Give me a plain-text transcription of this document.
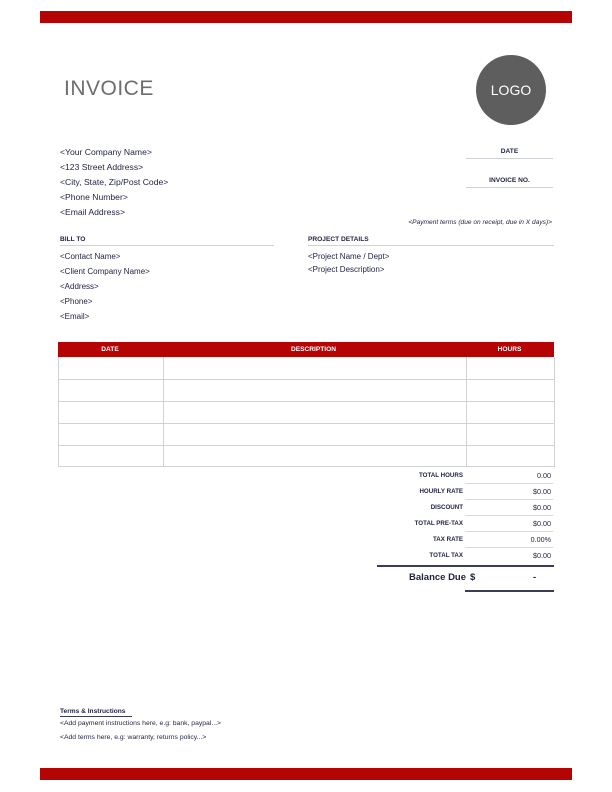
INVOICE	LOGO
<Your Company Name>
<123 Street Address>
<City, State, Zip/Post Code>
<Phone Number>
<Email Address>
DATE
INVOICE NO.
<Payment terms (due on receipt, due in X days)>
BILL TO
<Contact Name>
<Client Company Name>
<Address>
<Phone>
<Email>
PROJECT DETAILS
<Project Name / Dept>
<Project Description>
DATE	DESCRIPTION	HOURS
TOTAL HOURS	0.00
HOURLY RATE	$0.00
DISCOUNT	$0.00
TOTAL PRE-TAX	$0.00
TAX RATE	0.00%
TOTAL TAX	$0.00
Balance Due $	-
Terms & Instructions
<Add payment instructions here, e.g: bank, paypal...>
<Add terms here, e.g: warranty, returns policy...>
